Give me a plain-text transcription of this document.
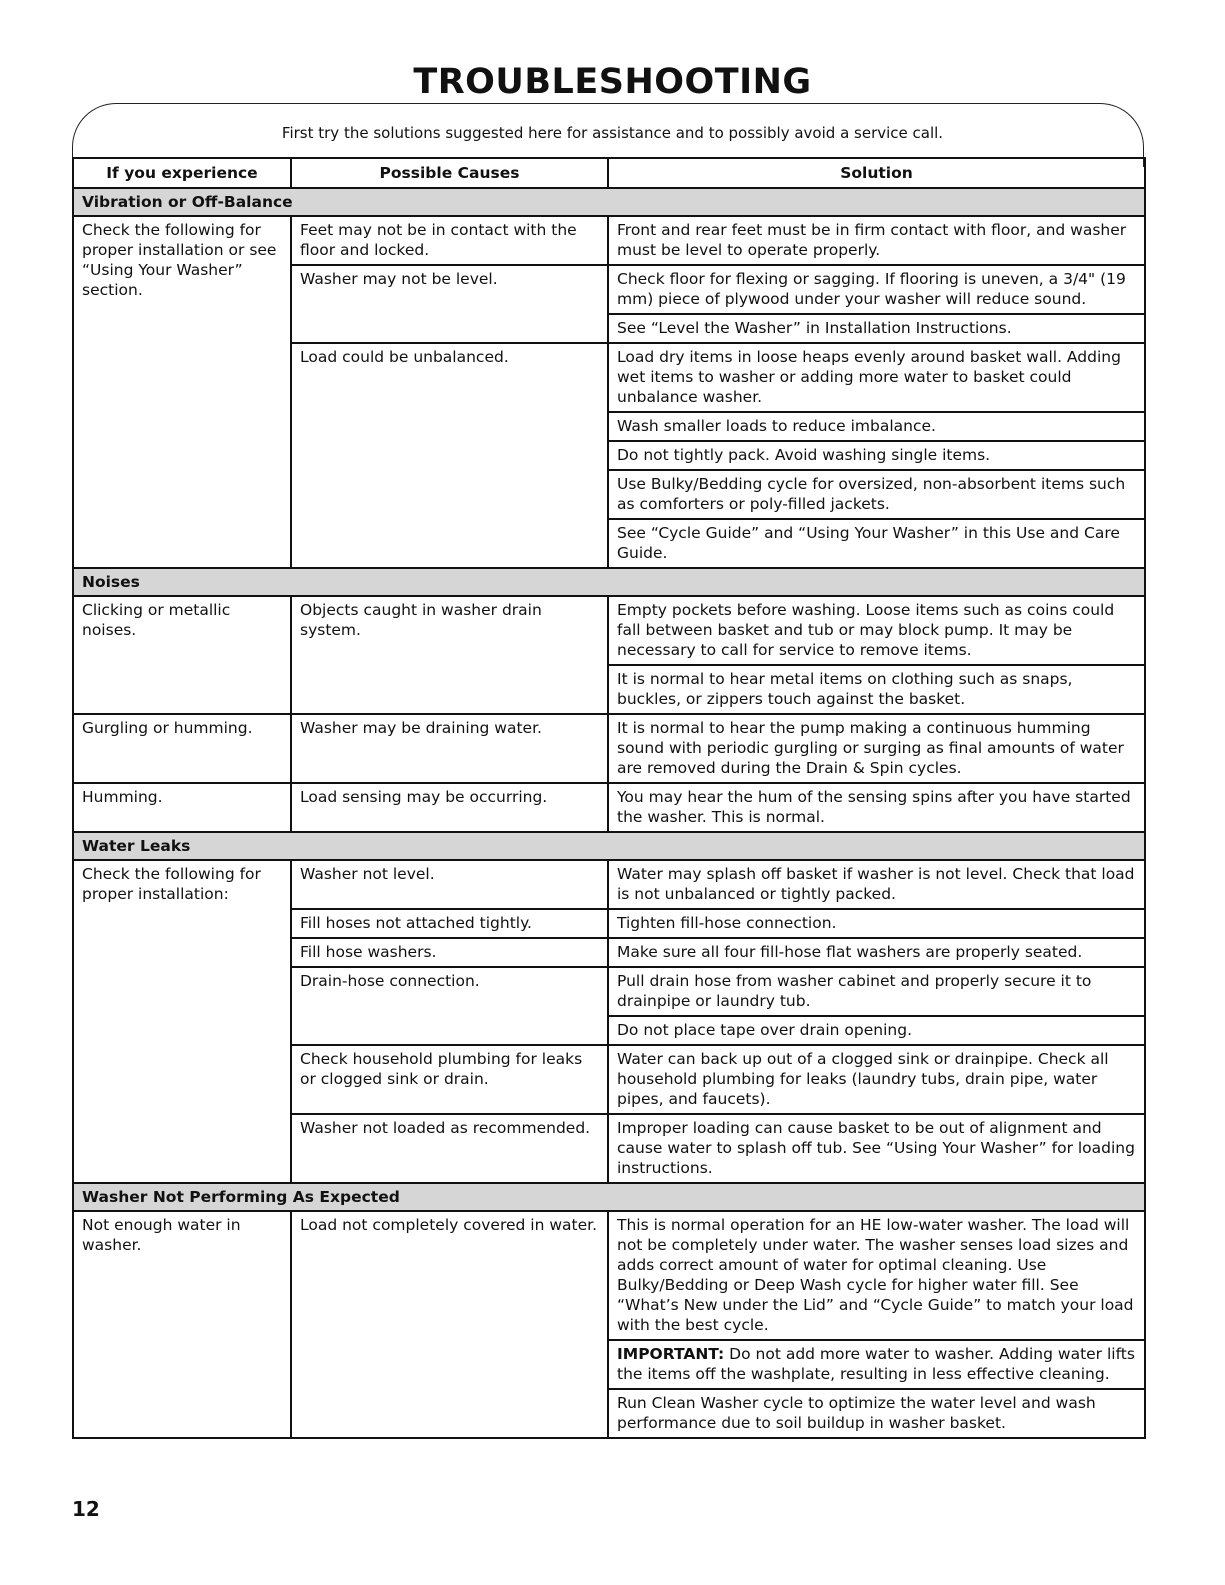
TROUBLESHOOTING
First try the solutions suggested here for assistance and to possibly avoid a service call.
If you experience	Possible Causes	Solution
Vibration or Off-Balance		
Check the following for proper installation or see “Using Your Washer” section.	Feet may not be in contact with the floor and locked.	Front and rear feet must be in firm contact with floor, and washer must be level to operate properly.
	Washer may not be level.	Check floor for flexing or sagging. If flooring is uneven, a 3/4" (19 mm) piece of plywood under your washer will reduce sound.
		See “Level the Washer” in Installation Instructions.
	Load could be unbalanced.	Load dry items in loose heaps evenly around basket wall. Adding wet items to washer or adding more water to basket could unbalance washer.
		Wash smaller loads to reduce imbalance.
		Do not tightly pack. Avoid washing single items.
		Use Bulky/Bedding cycle for oversized, non-absorbent items such as comforters or poly-filled jackets.
		See “Cycle Guide” and “Using Your Washer” in this Use and Care Guide.
Noises		
Clicking or metallic noises.	Objects caught in washer drain system.	Empty pockets before washing. Loose items such as coins could fall between basket and tub or may block pump. It may be necessary to call for service to remove items.
		It is normal to hear metal items on clothing such as snaps, buckles, or zippers touch against the basket.
Gurgling or humming.	Washer may be draining water.	It is normal to hear the pump making a continuous humming sound with periodic gurgling or surging as final amounts of water are removed during the Drain & Spin cycles.
Humming.	Load sensing may be occurring.	You may hear the hum of the sensing spins after you have started the washer. This is normal.
Water Leaks		
Check the following for proper installation:	Washer not level.	Water may splash off basket if washer is not level. Check that load is not unbalanced or tightly packed.
	Fill hoses not attached tightly.	Tighten fill-hose connection.
	Fill hose washers.	Make sure all four fill-hose flat washers are properly seated.
	Drain-hose connection.	Pull drain hose from washer cabinet and properly secure it to drainpipe or laundry tub.
		Do not place tape over drain opening.
	Check household plumbing for leaks or clogged sink or drain.	Water can back up out of a clogged sink or drainpipe. Check all household plumbing for leaks (laundry tubs, drain pipe, water pipes, and faucets).
	Washer not loaded as recommended.	Improper loading can cause basket to be out of alignment and cause water to splash off tub. See “Using Your Washer” for loading instructions.
Washer Not Performing As Expected		
Not enough water in washer.	Load not completely covered in water.	This is normal operation for an HE low-water washer. The load will not be completely under water. The washer senses load sizes and adds correct amount of water for optimal cleaning. Use Bulky/Bedding or Deep Wash cycle for higher water fill. See “What’s New under the Lid” and “Cycle Guide” to match your load with the best cycle.
		IMPORTANT: Do not add more water to washer. Adding water lifts the items off the washplate, resulting in less effective cleaning.
		Run Clean Washer cycle to optimize the water level and wash performance due to soil buildup in washer basket.
12
